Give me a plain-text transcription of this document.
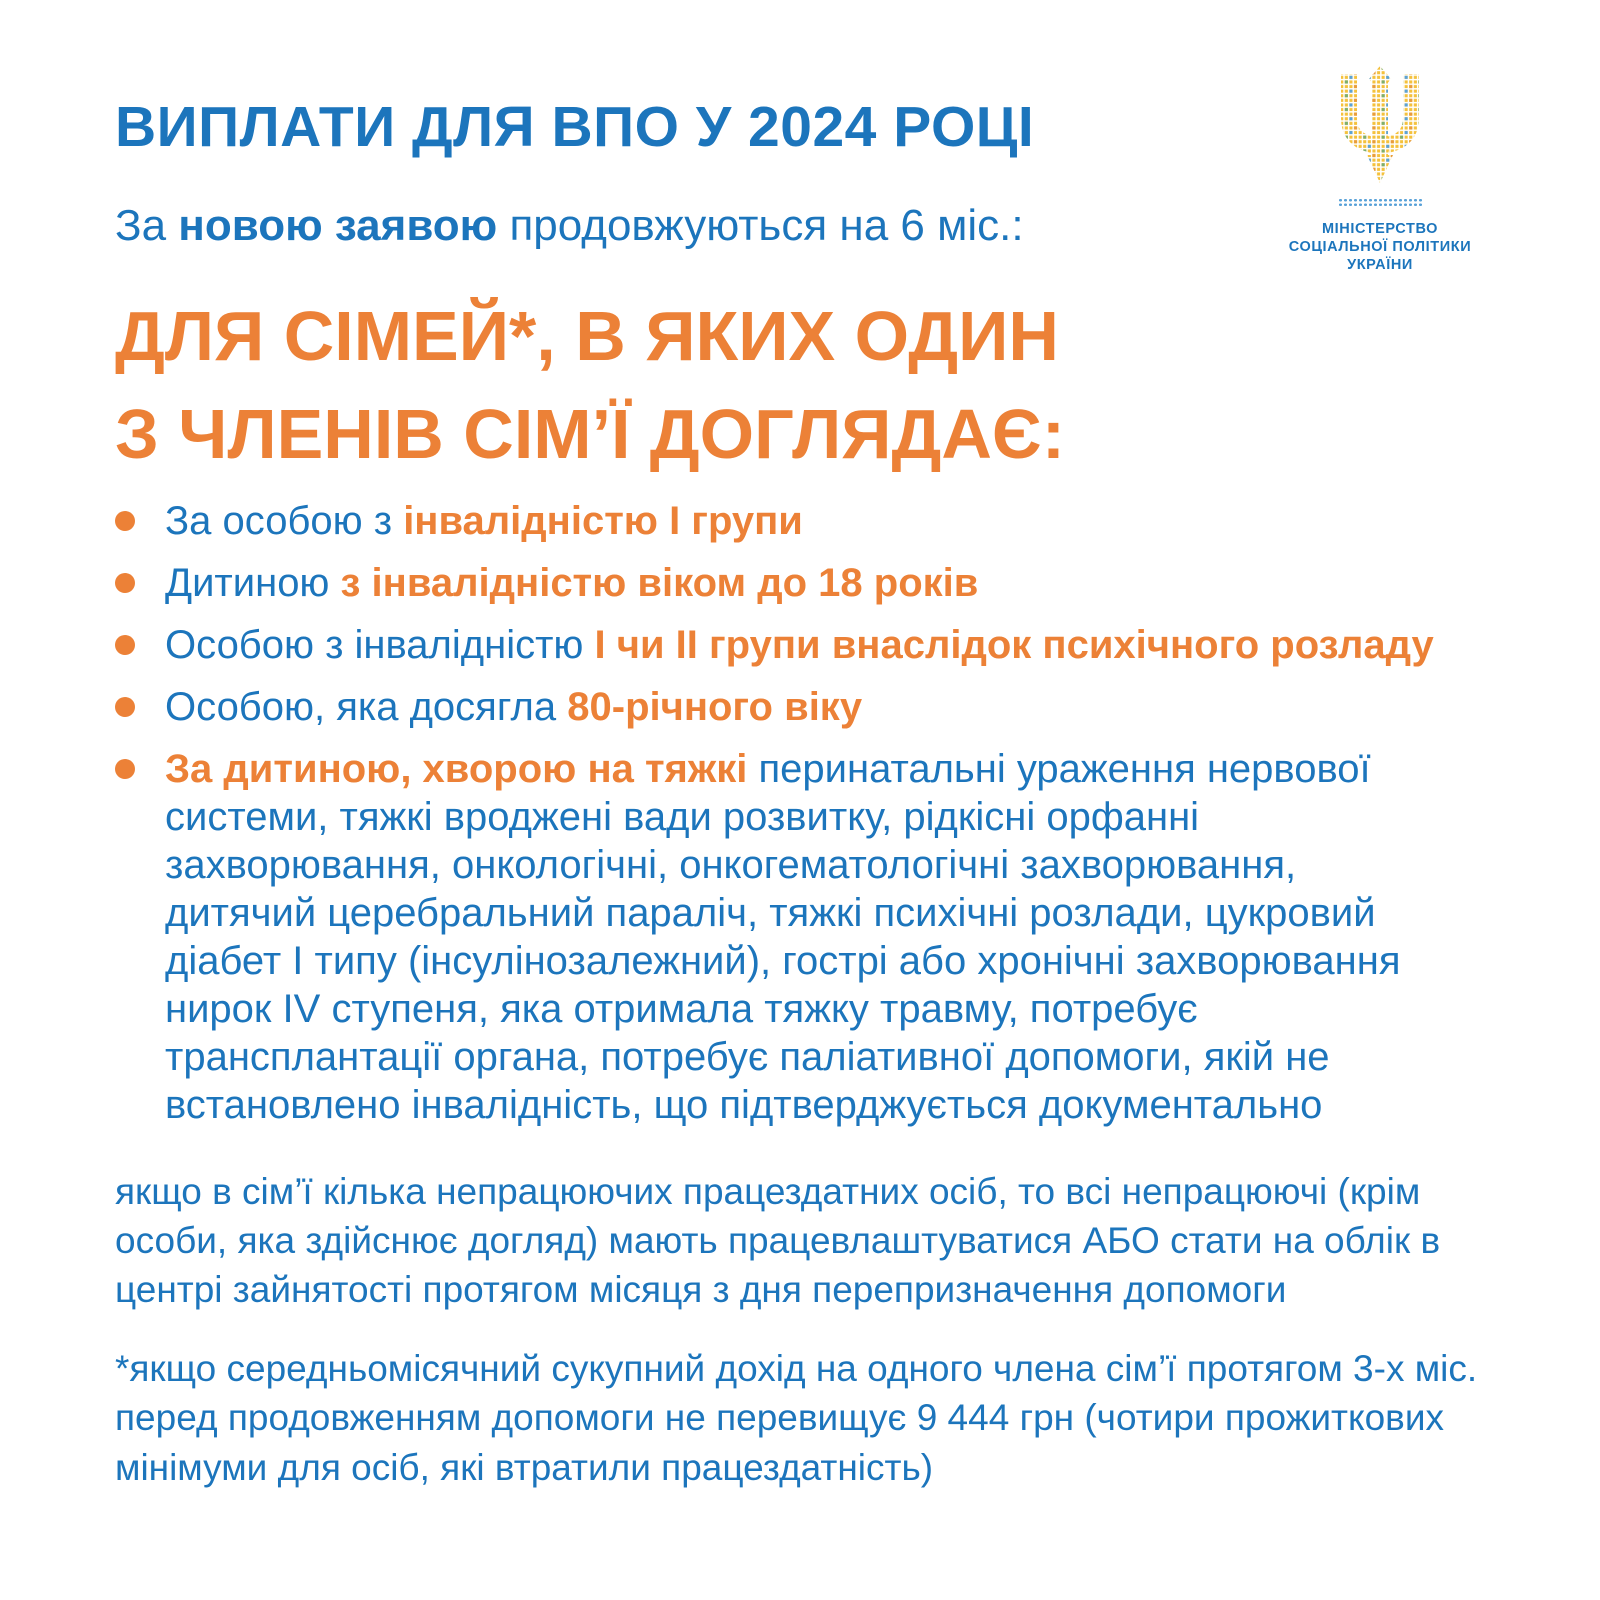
МІНІСТЕРСТВО
СОЦІАЛЬНОЇ ПОЛІТИКИ
УКРАЇНИ
ВИПЛАТИ ДЛЯ ВПО У 2024 РОЦІ

За новою заявою продовжуються на 6 міс.:

ДЛЯ СІМЕЙ*, В ЯКИХ ОДИН
З ЧЛЕНІВ СІМ’Ї ДОГЛЯДАЄ:
За особою з інвалідністю І групи
Дитиною з інвалідністю віком до 18 років
Особою з інвалідністю І чи ІІ групи внаслідок психічного розладу
Особою, яка досягла 80-річного віку
За дитиною, хворою на тяжкі перинатальні ураження нервової системи, тяжкі вроджені вади розвитку, рідкісні орфанні захворювання, онкологічні, онкогематологічні захворювання, дитячий церебральний параліч, тяжкі психічні розлади, цукровий діабет І типу (інсулінозалежний), гострі або хронічні захворювання нирок IV ступеня, яка отримала тяжку травму, потребує трансплантації органа, потребує паліативної допомоги, якій не встановлено інвалідність, що підтверджується документально

якщо в сім’ї кілька непрацюючих працездатних осіб, то всі непрацюючі (крім особи, яка здійснює догляд) мають працевлаштуватися АБО стати на облік в центрі зайнятості протягом місяця з дня перепризначення допомоги

*якщо середньомісячний сукупний дохід на одного члена сім’ї протягом 3-х міс. перед продовженням допомоги не перевищує 9 444 грн (чотири прожиткових мінімуми для осіб, які втратили працездатність)
